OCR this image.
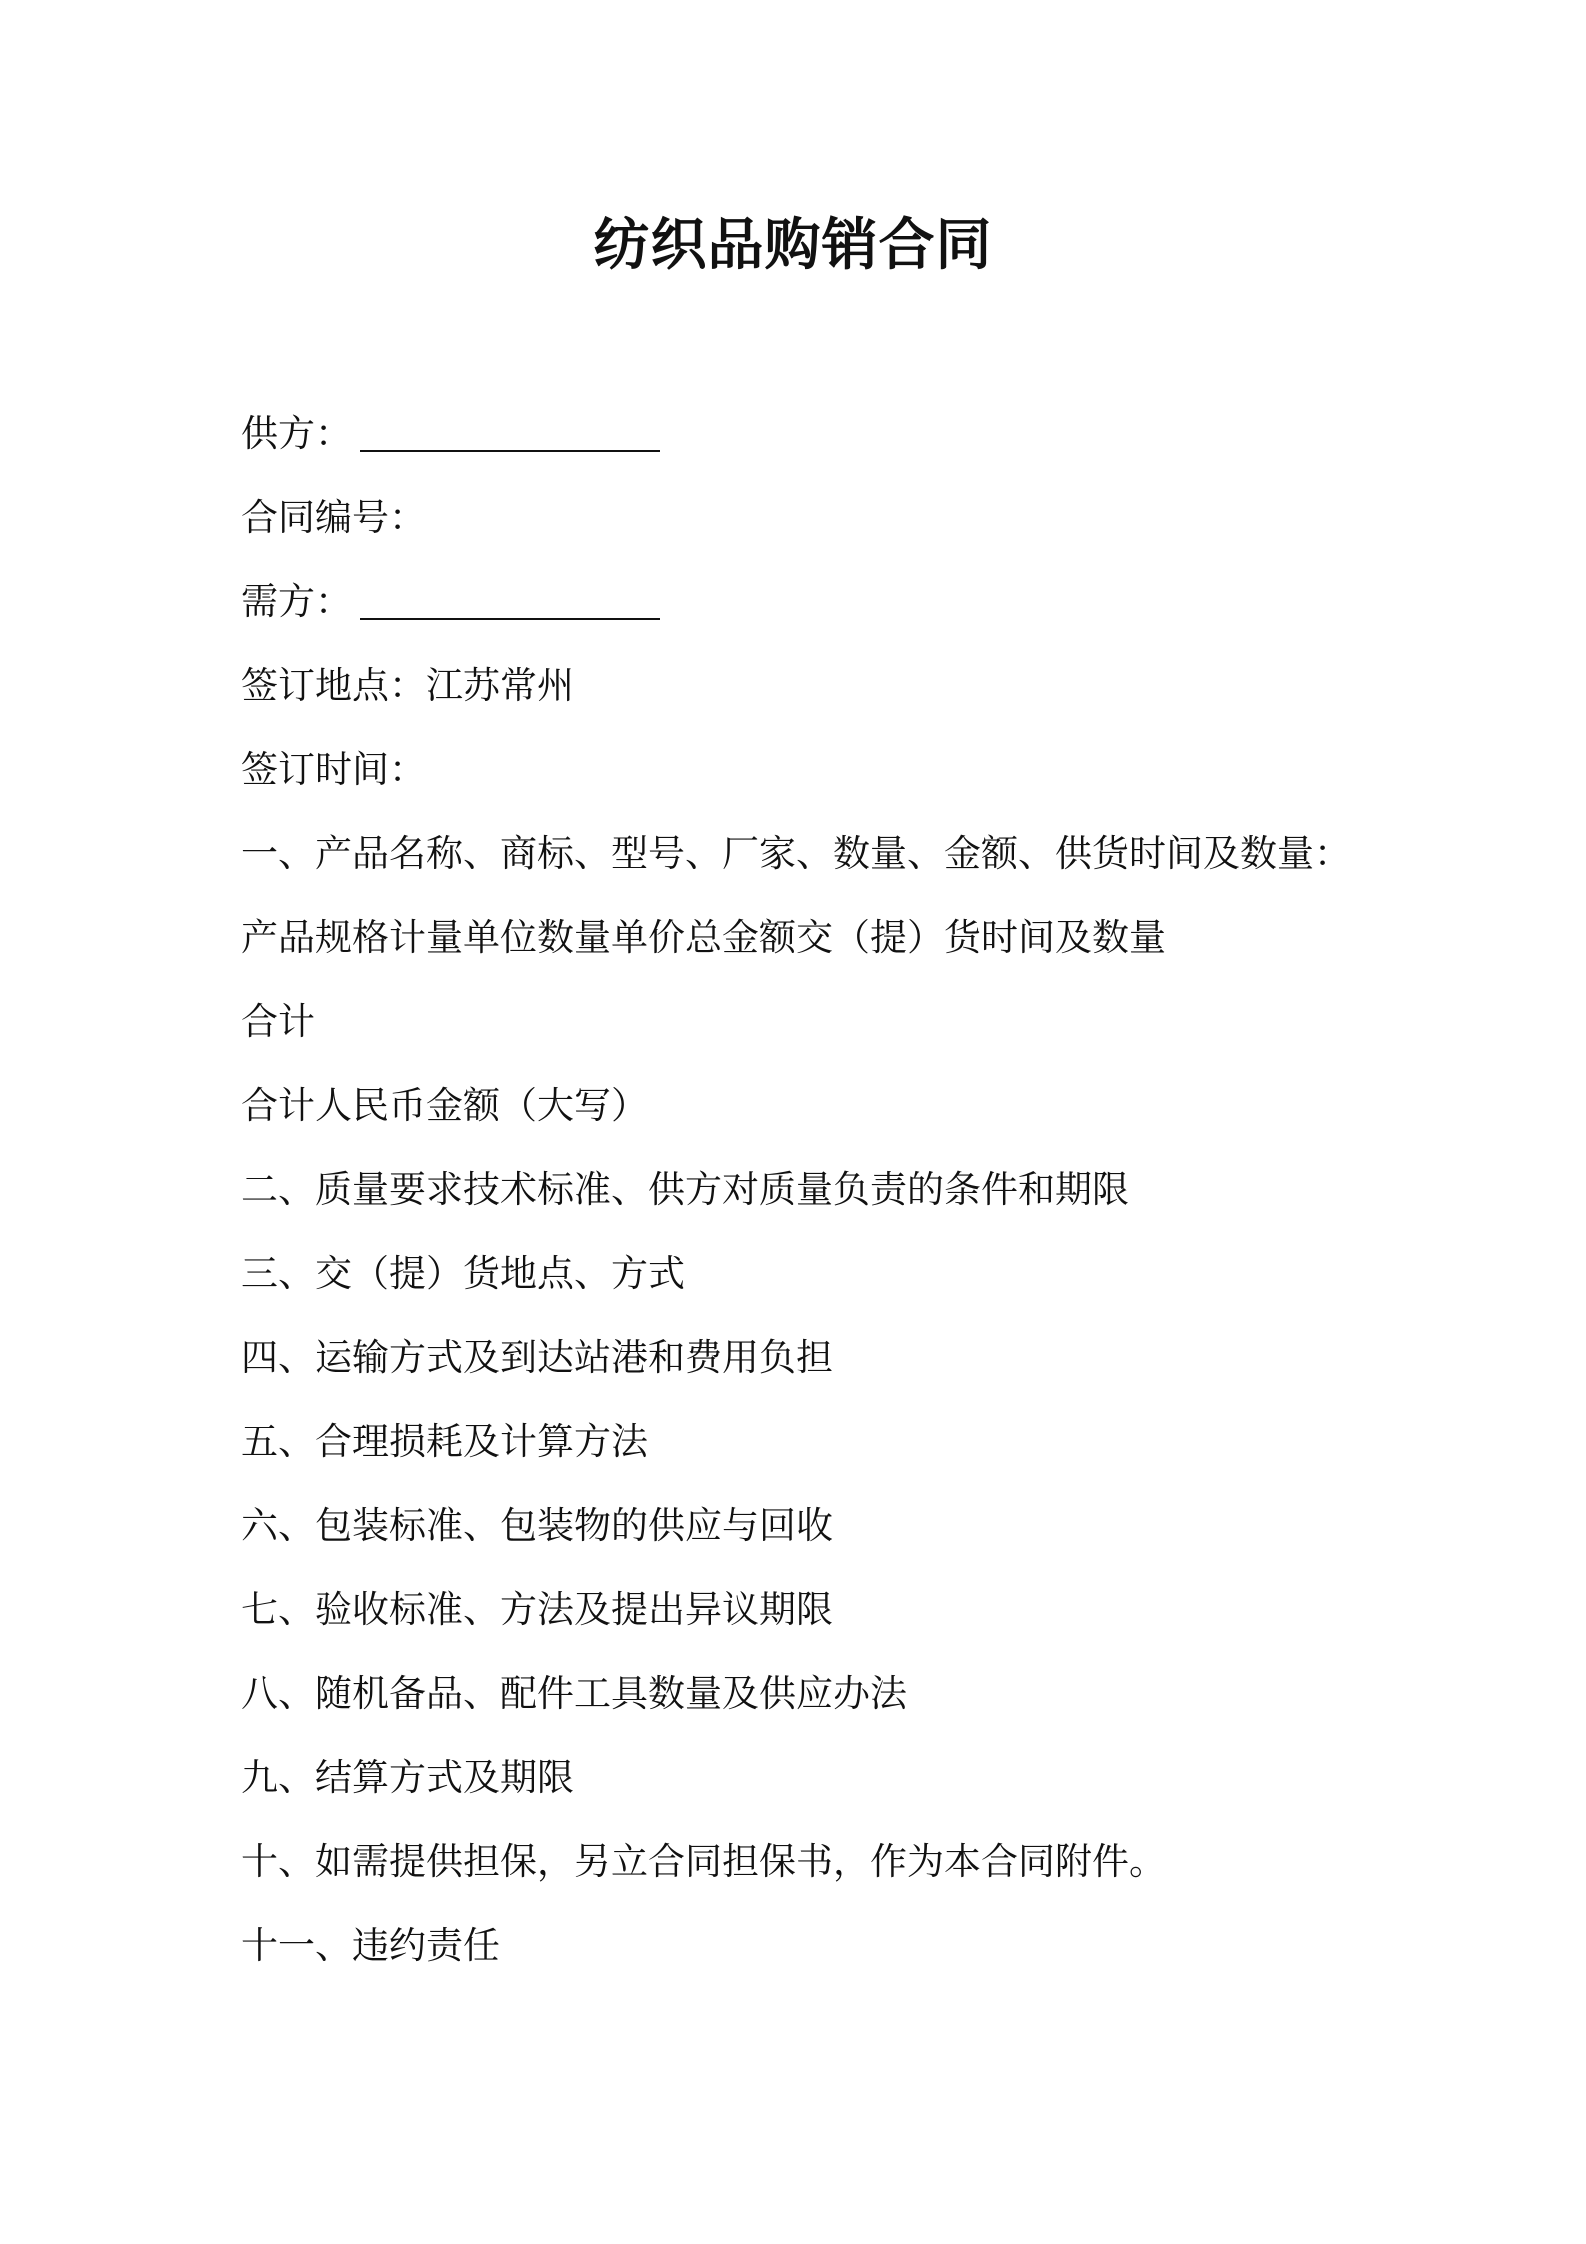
纺织品购销合同
供方：
合同编号：
需方：
签订地点：江苏常州
签订时间：
一、产品名称、商标、型号、厂家、数量、金额、供货时间及数量：
产品规格计量单位数量单价总金额交（提）货时间及数量
合计
合计人民币金额（大写）
二、质量要求技术标准、供方对质量负责的条件和期限
三、交（提）货地点、方式
四、运输方式及到达站港和费用负担
五、合理损耗及计算方法
六、包装标准、包装物的供应与回收
七、验收标准、方法及提出异议期限
八、随机备品、配件工具数量及供应办法
九、结算方式及期限
十、如需提供担保，另立合同担保书，作为本合同附件。
十一、违约责任
